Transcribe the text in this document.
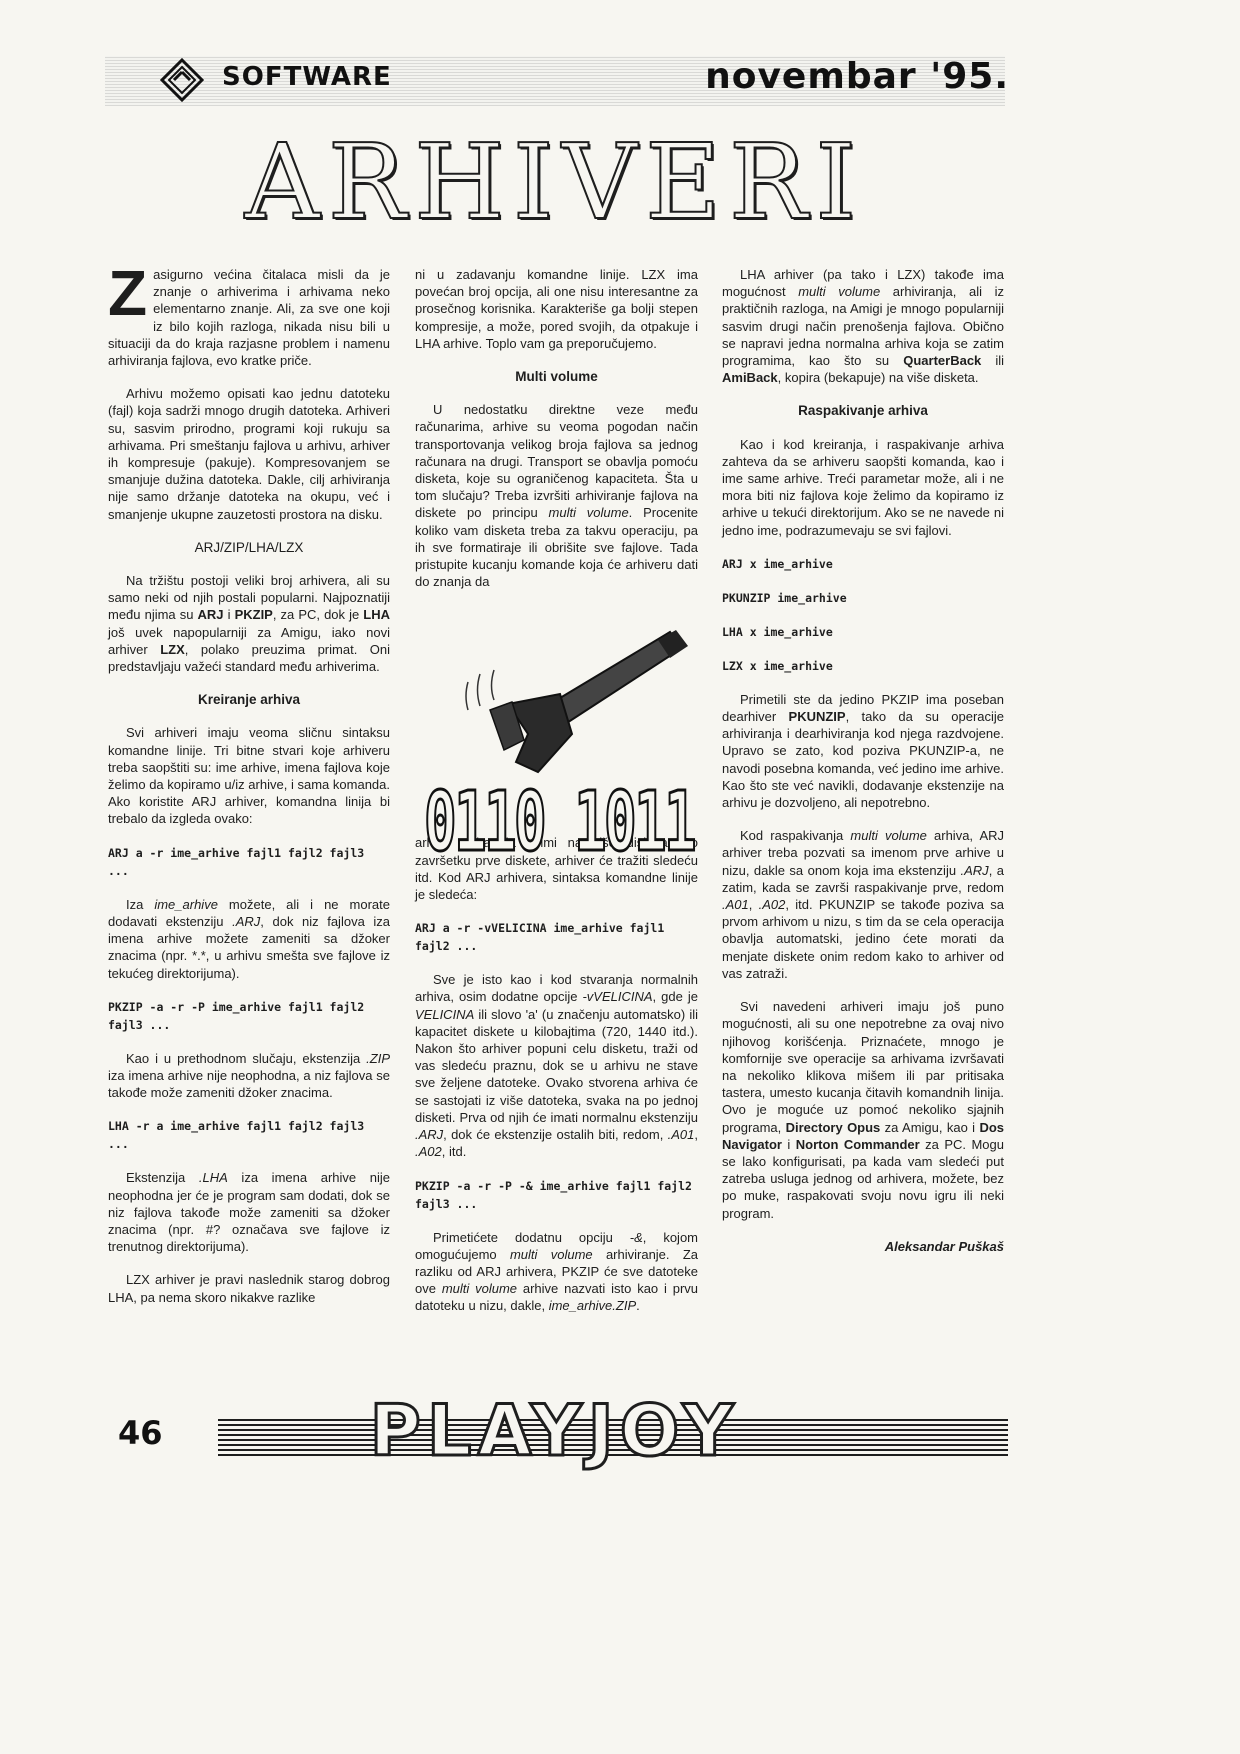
SOFTWARE	novembar '95.
ARHIVERI

Zasigurno većina čitalaca misli da je znanje o arhiverima i arhivama neko elementarno znanje. Ali, za sve one koji iz bilo kojih razloga, nikada nisu bili u situaciji da do kraja razjasne problem i namenu arhiviranja fajlova, evo kratke priče.

Arhivu možemo opisati kao jednu datoteku (fajl) koja sadrži mnogo drugih datoteka. Arhiveri su, sasvim prirodno, programi koji rukuju sa arhivama. Pri smeštanju fajlova u arhivu, arhiver ih kompresuje (pakuje). Kompresovanjem se smanjuje dužina datoteka. Dakle, cilj arhiviranja nije samo držanje datoteka na okupu, već i smanjenje ukupne zauzetosti prostora na disku.

ARJ/ZIP/LHA/LZX

Na tržištu postoji veliki broj arhivera, ali su samo neki od njih postali popularni. Najpoznatiji među njima su ARJ i PKZIP, za PC, dok je LHA još uvek napopularniji za Amigu, iako novi arhiver LZX, polako preuzima primat. Oni predstavljaju važeći standard među arhiverima.

Kreiranje arhiva

Svi arhiveri imaju veoma sličnu sintaksu komandne linije. Tri bitne stvari koje arhiveru treba saopštiti su: ime arhive, imena fajlova koje želimo da kopiramo u/iz arhive, i sama komanda. Ako koristite ARJ arhiver, komandna linija bi trebalo da izgleda ovako:

ARJ a -r ime_arhive fajl1 fajl2 fajl3 ...

Iza ime_arhive možete, ali i ne morate dodavati ekstenziju .ARJ, dok niz fajlova iza imena arhive možete zameniti sa džoker znacima (npr. *.*, u arhivu smešta sve fajlove iz tekućeg direktorijuma).

PKZIP -a -r -P ime_arhive fajl1 fajl2 fajl3 ...

Kao i u prethodnom slučaju, ekstenzija .ZIP iza imena arhive nije neophodna, a niz fajlova se takođe može zameniti džoker znacima.

LHA -r a ime_arhive fajl1 fajl2 fajl3 ...

Ekstenzija .LHA iza imena arhive nije neophodna jer će je program sam dodati, dok se niz fajlova takođe može zameniti sa džoker znacima (npr. #? označava sve fajlove iz trenutnog direktorijuma).

LZX arhiver je pravi naslednik starog dobrog LHA, pa nema skoro nikakve razlike

ni u zadavanju komandne linije. LZX ima povećan broj opcija, ali one nisu interesantne za prosečnog korisnika. Karakteriše ga bolji stepen kompresije, a može, pored svojih, da otpakuje i LHA arhive. Toplo vam ga preporučujemo.

Multi volume

U nedostatku direktne veze među računarima, arhive su veoma pogodan način transportovanja velikog broja fajlova sa jednog računara na drugi. Transport se obavlja pomoću disketa, koje su ograničenog kapaciteta. Šta u tom slučaju? Treba izvršiti arhiviranje fajlova na diskete po principu multi volume. Procenite koliko vam disketa treba za takvu operaciju, pa ih sve formatiraje ili obrišite sve fajlove. Tada pristupite kucanju komande koja će arhiveru dati do znanja da

arhivu treba da snimi na više disketa. Po završetku prve diskete, arhiver će tražiti sledeću itd. Kod ARJ arhivera, sintaksa komandne linije je sledeća:

ARJ a -r -vVELICINA ime_arhive fajl1 fajl2 ...

Sve je isto kao i kod stvaranja normalnih arhiva, osim dodatne opcije -vVELICINA, gde je VELICINA ili slovo 'a' (u značenju automatsko) ili kapacitet diskete u kilobajtima (720, 1440 itd.). Nakon što arhiver popuni celu disketu, traži od vas sledeću praznu, dok se u arhivu ne stave sve željene datoteke. Ovako stvorena arhiva će se sastojati iz više datoteka, svaka na po jednoj disketi. Prva od njih će imati normalnu ekstenziju .ARJ, dok će ekstenzije ostalih biti, redom, .A01, .A02, itd.

PKZIP -a -r -P -& ime_arhive fajl1 fajl2 fajl3 ...

Primetićete dodatnu opciju -&, kojom omogućujemo multi volume arhiviranje. Za razliku od ARJ arhivera, PKZIP će sve datoteke ove multi volume arhive nazvati isto kao i prvu datoteku u nizu, dakle, ime_arhive.ZIP.

0110 1011

LHA arhiver (pa tako i LZX) takođe ima mogućnost multi volume arhiviranja, ali iz praktičnih razloga, na Amigi je mnogo popularniji sasvim drugi način prenošenja fajlova. Obično se napravi jedna normalna arhiva koja se zatim programima, kao što su QuarterBack ili AmiBack, kopira (bekapuje) na više disketa.

Raspakivanje arhiva

Kao i kod kreiranja, i raspakivanje arhiva zahteva da se arhiveru saopšti komanda, kao i ime same arhive. Treći parametar može, ali i ne mora biti niz fajlova koje želimo da kopiramo iz arhive u tekući direktorijum. Ako se ne navede ni jedno ime, podrazumevaju se svi fajlovi.

ARJ x ime_arhive
PKUNZIP ime_arhive
LHA x ime_arhive
LZX x ime_arhive

Primetili ste da jedino PKZIP ima poseban dearhiver PKUNZIP, tako da su operacije arhiviranja i dearhiviranja kod njega razdvojene. Upravo se zato, kod poziva PKUNZIP-a, ne navodi posebna komanda, već jedino ime arhive. Kao što ste već navikli, dodavanje ekstenzije na arhivu je dozvoljeno, ali nepotrebno.

Kod raspakivanja multi volume arhiva, ARJ arhiver treba pozvati sa imenom prve arhive u nizu, dakle sa onom koja ima ekstenziju .ARJ, a zatim, kada se završi raspakivanje prve, redom .A01, .A02, itd. PKUNZIP se takođe poziva sa prvom arhivom u nizu, s tim da se cela operacija obavlja automatski, jedino ćete morati da menjate diskete onim redom kako to arhiver od vas zatraži.

Svi navedeni arhiveri imaju još puno mogućnosti, ali su one nepotrebne za ovaj nivo njihovog korišćenja. Priznaćete, mnogo je komfornije sve operacije sa arhivama izvršavati na nekoliko klikova mišem ili par pritisaka tastera, umesto kucanja čitavih komandnih linija. Ovo je moguće uz pomoć nekoliko sjajnih programa, Directory Opus za Amigu, kao i Dos Navigator i Norton Commander za PC. Mogu se lako konfigurisati, pa kada vam sledeći put zatreba usluga jednog od arhivera, možete, bez po muke, raspakovati svoju novu igru ili neki program.

Aleksandar Puškaš

46	PLAYJOY
